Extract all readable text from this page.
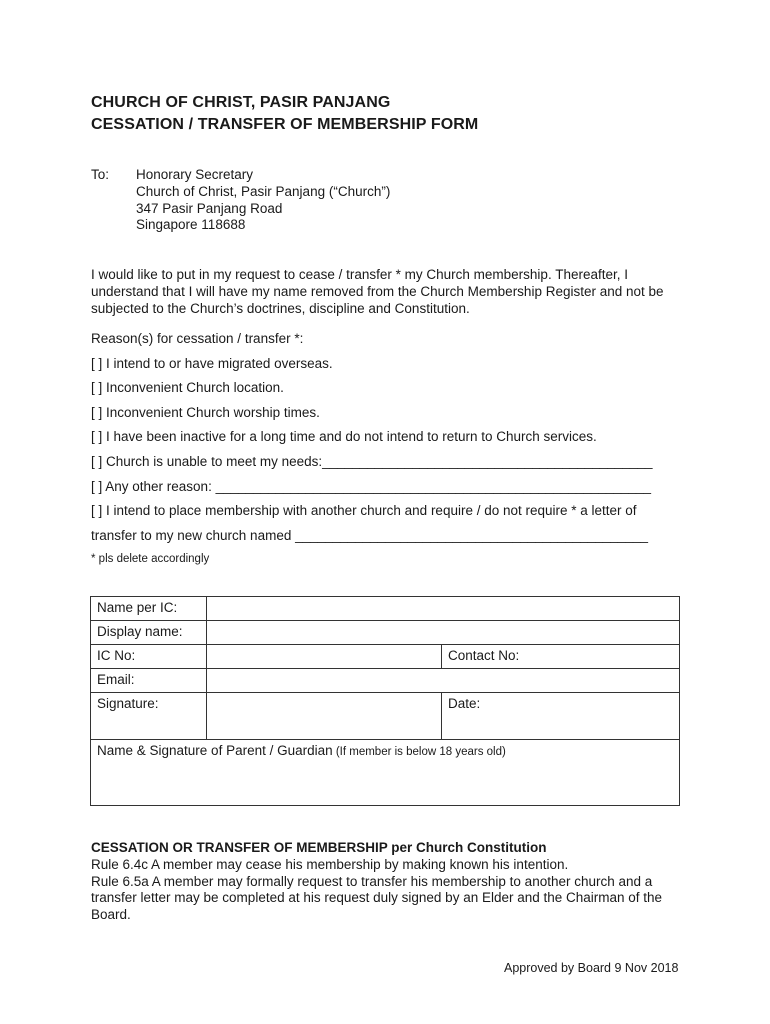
CHURCH OF CHRIST, PASIR PANJANG
CESSATION / TRANSFER OF MEMBERSHIP FORM
To: Honorary Secretary
Church of Christ, Pasir Panjang (“Church”)
347 Pasir Panjang Road
Singapore 118688
I would like to put in my request to cease / transfer * my Church membership. Thereafter, I understand that I will have my name removed from the Church Membership Register and not be subjected to the Church’s doctrines, discipline and Constitution.
Reason(s) for cessation / transfer *:
[ ] I intend to or have migrated overseas.
[ ] Inconvenient Church location.
[ ] Inconvenient Church worship times.
[ ] I have been inactive for a long time and do not intend to return to Church services.
[ ] Church is unable to meet my needs:____________________________________________
[ ] Any other reason: __________________________________________________________
[ ] I intend to place membership with another church and require / do not require * a letter of
transfer to my new church named _______________________________________________
* pls delete accordingly
Name per IC:		
Display name:		
IC No:		Contact No:
Email:		
Signature:		Date:
Name & Signature of Parent / Guardian (If member is below 18 years old)		
CESSATION OR TRANSFER OF MEMBERSHIP per Church Constitution
Rule 6.4c A member may cease his membership by making known his intention.
Rule 6.5a A member may formally request to transfer his membership to another church and a transfer letter may be completed at his request duly signed by an Elder and the Chairman of the Board.
Approved by Board 9 Nov 2018
